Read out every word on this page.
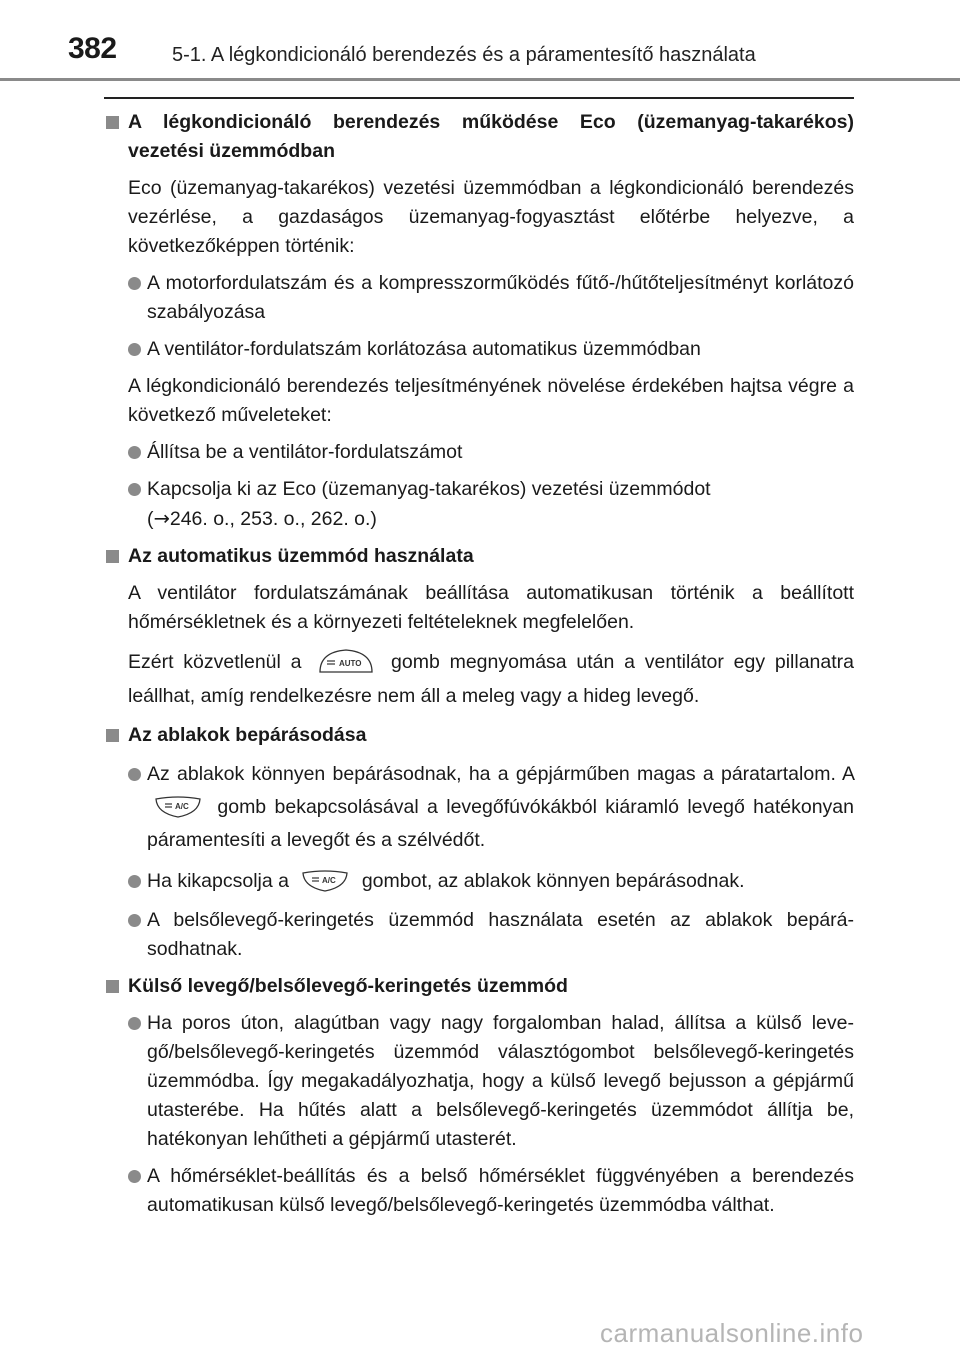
382	5-1. A légkondicionáló berendezés és a páramentesítő használata
A légkondicionáló berendezés működése Eco (üzemanyag-takarékos) vezetési üzemmódban
Eco (üzemanyag-takarékos) vezetési üzemmódban a légkondicionáló berendezés vezérlése, a gazdaságos üzemanyag-fogyasztást előtérbe helyezve, a következőképpen történik:
A motorfordulatszám és a kompresszorműködés fűtő-/hűtőteljesítményt korlátozó szabályozása
A ventilátor-fordulatszám korlátozása automatikus üzemmódban
A légkondicionáló berendezés teljesítményének növelése érdekében hajtsa végre a következő műveleteket:
Állítsa be a ventilátor-fordulatszámot
Kapcsolja ki az Eco (üzemanyag-takarékos) vezetési üzemmódot
(→246. o., 253. o., 262. o.)
Az automatikus üzemmód használata
A ventilátor fordulatszámának beállítása automatikusan történik a beállított hőmérsékletnek és a környezeti feltételeknek megfelelően.
Ezért közvetlenül a	AUTO gomb megnyomása után a ventilátor egy pillanatra leállhat, amíg rendelkezésre nem áll a meleg vagy a hideg levegő.
Az ablakok bepárásodása
Az ablakok könnyen bepárásodnak, ha a gépjárműben magas a páratartalom. A
A/C gomb bekapcsolásával a levegőfúvókákból kiáramló levegő hatékonyan páramentesíti a levegőt és a szélvédőt.
Ha kikapcsolja a	A/C gombot, az ablakok könnyen bepárásodnak.
A belsőlevegő-keringetés üzemmód használata esetén az ablakok bepárásodhatnak.
Külső levegő/belsőlevegő-keringetés üzemmód
Ha poros úton, alagútban vagy nagy forgalomban halad, állítsa a külső levegő/belsőlevegő-keringetés üzemmód választógombot belsőlevegő-keringetés üzemmódba. Így megakadályozhatja, hogy a külső levegő bejusson a gépjármű utasterébe. Ha hűtés alatt a belsőlevegő-keringetés üzemmódot állítja be, hatékonyan lehűtheti a gépjármű utasterét.
A hőmérséklet-beállítás és a belső hőmérséklet függvényében a berendezés automatikusan külső levegő/belsőlevegő-keringetés üzemmódba válthat.
carmanualsonline.info
